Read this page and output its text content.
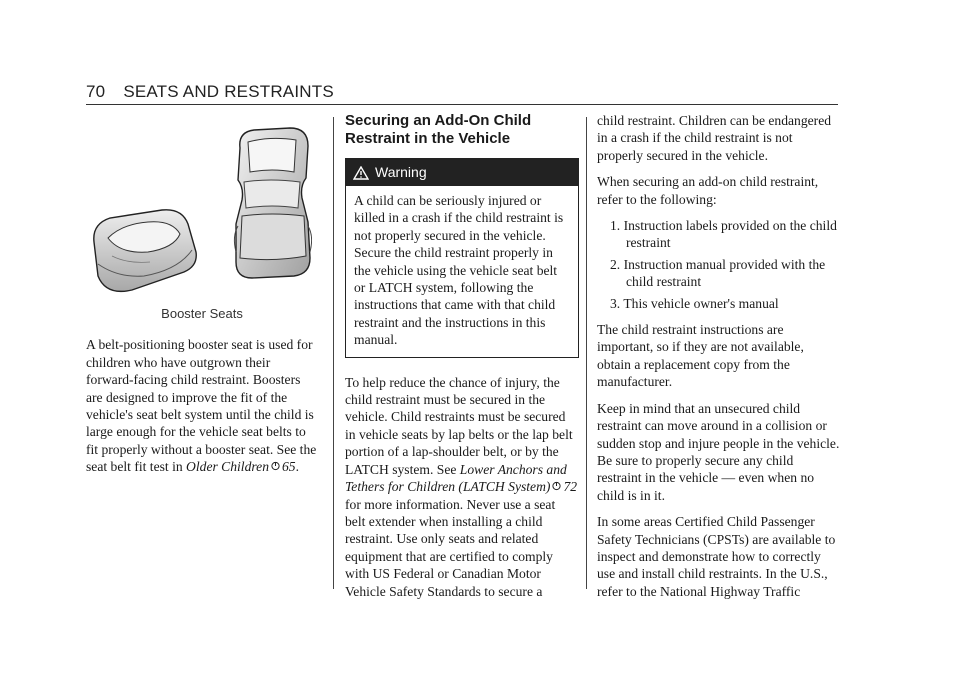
70 SEATS AND RESTRAINTS
Booster Seats

A belt-positioning booster seat is used for children who have outgrown their forward-facing child restraint. Boosters are designed to improve the fit of the vehicle's seat belt system until the child is large enough for the vehicle seat belts to fit properly without a booster seat. See the seat belt fit test in Older Children 65.

Securing an Add-On Child Restraint in the Vehicle
Warning
A child can be seriously injured or killed in a crash if the child restraint is not properly secured in the vehicle. Secure the child restraint properly in the vehicle using the vehicle seat belt or LATCH system, following the instructions that came with that child restraint and the instructions in this manual.

To help reduce the chance of injury, the child restraint must be secured in the vehicle. Child restraints must be secured in vehicle seats by lap belts or the lap belt portion of a lap-shoulder belt, or by the LATCH system. See Lower Anchors and Tethers for Children (LATCH System) 72 for more information. Never use a seat belt extender when installing a child restraint. Use only seats and related equipment that are certified to comply with US Federal or Canadian Motor Vehicle Safety Standards to secure a

child restraint. Children can be endangered in a crash if the child restraint is not properly secured in the vehicle.

When securing an add-on child restraint, refer to the following:

1. Instruction labels provided on the child restraint
2. Instruction manual provided with the child restraint
3. This vehicle owner's manual

The child restraint instructions are important, so if they are not available, obtain a replacement copy from the manufacturer.

Keep in mind that an unsecured child restraint can move around in a collision or sudden stop and injure people in the vehicle. Be sure to properly secure any child restraint in the vehicle — even when no child is in it.

In some areas Certified Child Passenger Safety Technicians (CPSTs) are available to inspect and demonstrate how to correctly use and install child restraints. In the U.S., refer to the National Highway Traffic
